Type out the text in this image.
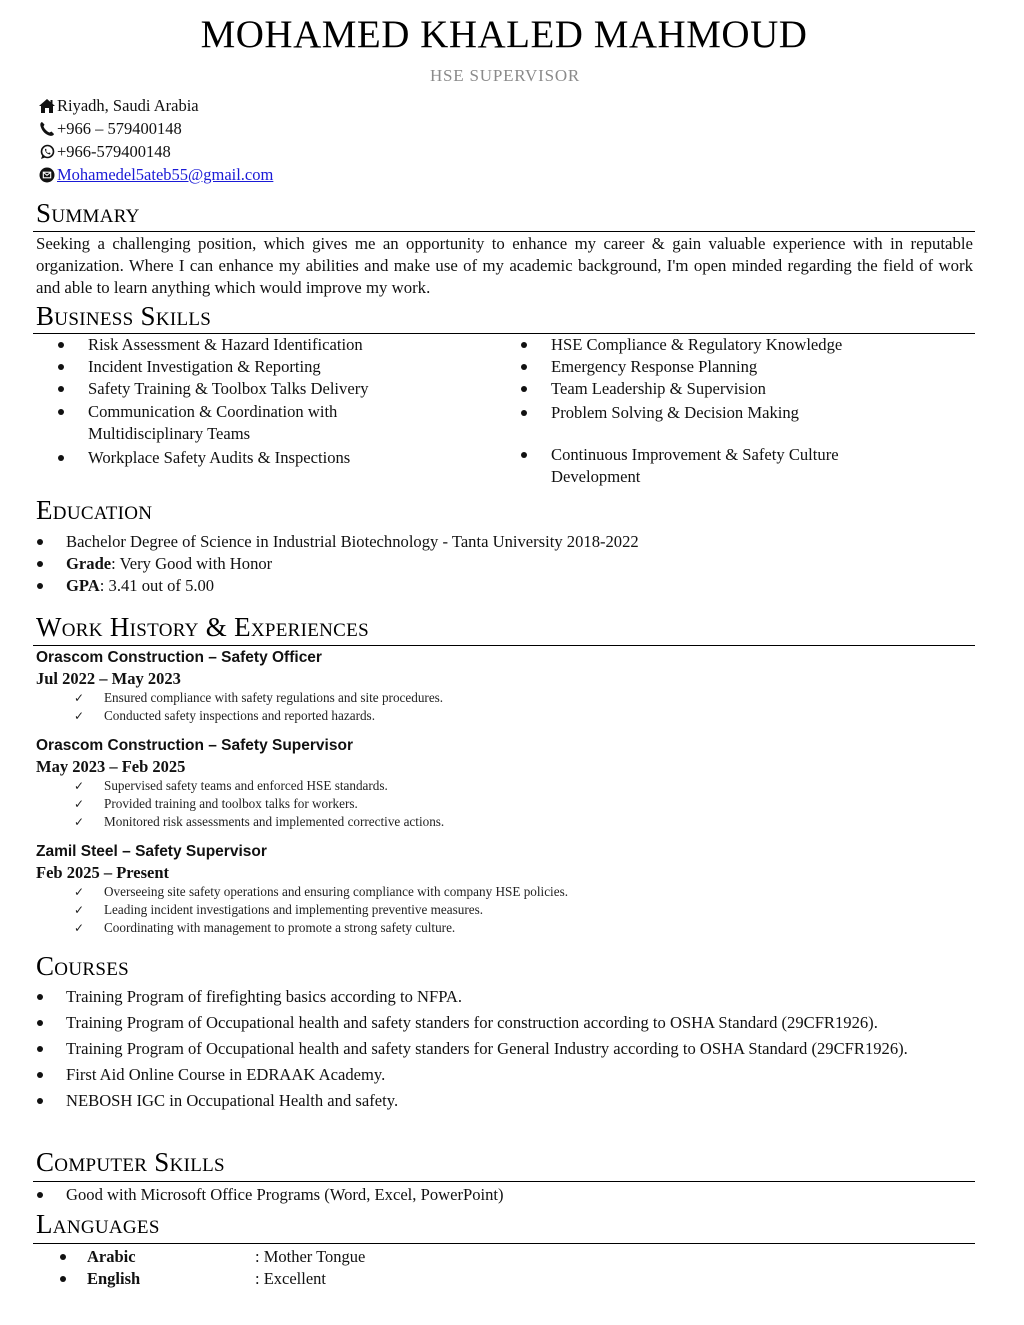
MOHAMED KHALED MAHMOUD
HSE SUPERVISOR
Riyadh, Saudi Arabia
+966 – 579400148
+966-579400148
Mohamedel5ateb55@gmail.com
Summary

Seeking a challenging position, which gives me an opportunity to enhance my career & gain valuable experience with in reputable organization. Where I can enhance my abilities and make use of my academic background, I'm open minded regarding the field of work and able to learn anything which would improve my work.

Business Skills
Risk Assessment & Hazard Identification
Incident Investigation & Reporting
Safety Training & Toolbox Talks Delivery
Communication & Coordination with Multidisciplinary Teams
Workplace Safety Audits & Inspections
HSE Compliance & Regulatory Knowledge
Emergency Response Planning
Team Leadership & Supervision
Problem Solving & Decision Making
Continuous Improvement & Safety Culture Development
Education
Bachelor Degree of Science in Industrial Biotechnology - Tanta University 2018-2022
Grade: Very Good with Honor
GPA: 3.41 out of 5.00
Work History & Experiences
Orascom Construction – Safety Officer
Jul 2022 – May 2023
✓ Ensured compliance with safety regulations and site procedures.
✓ Conducted safety inspections and reported hazards.
Orascom Construction – Safety Supervisor
May 2023 – Feb 2025
✓ Supervised safety teams and enforced HSE standards.
✓ Provided training and toolbox talks for workers.
✓ Monitored risk assessments and implemented corrective actions.
Zamil Steel – Safety Supervisor
Feb 2025 – Present
✓ Overseeing site safety operations and ensuring compliance with company HSE policies.
✓ Leading incident investigations and implementing preventive measures.
✓ Coordinating with management to promote a strong safety culture.
Courses
Training Program of firefighting basics according to NFPA.
Training Program of Occupational health and safety standers for construction according to OSHA Standard (29CFR1926).
Training Program of Occupational health and safety standers for General Industry according to OSHA Standard (29CFR1926).
First Aid Online Course in EDRAAK Academy.
NEBOSH IGC in Occupational Health and safety.
Computer Skills
Good with Microsoft Office Programs (Word, Excel, PowerPoint)
Languages
Arabic	: Mother Tongue
English	: Excellent
